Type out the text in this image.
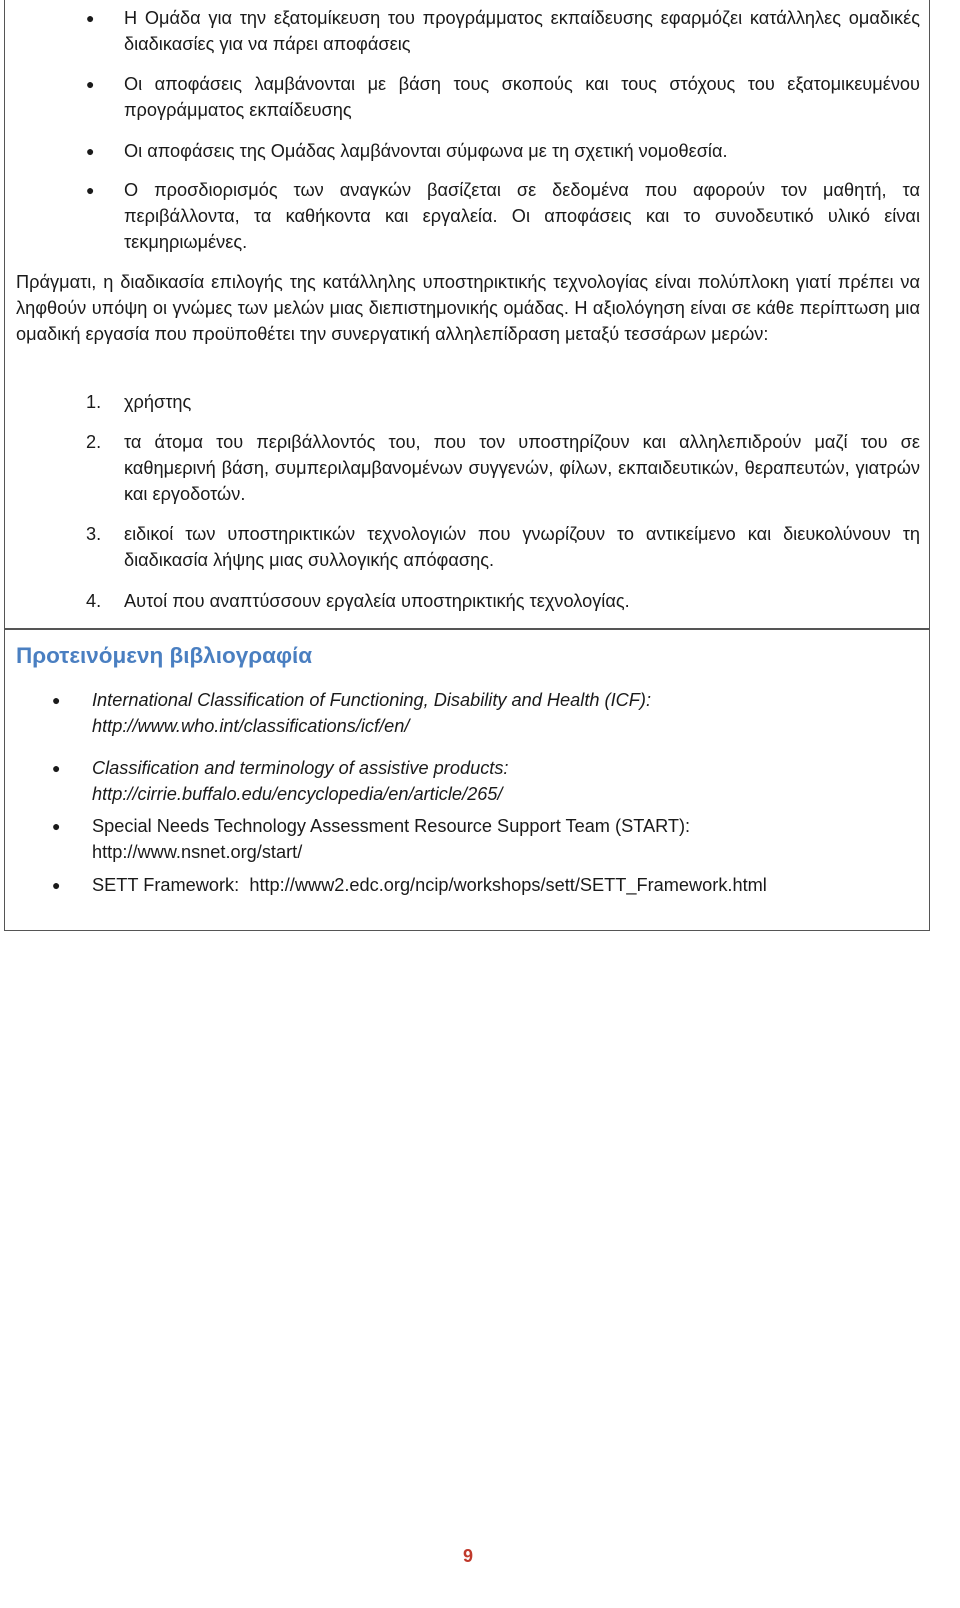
● Η Ομάδα για την εξατομίκευση του προγράμματος εκπαίδευσης εφαρμόζει κατάλληλες ομαδικές διαδικασίες για να πάρει αποφάσεις
● Οι αποφάσεις λαμβάνονται με βάση τους σκοπούς και τους στόχους του εξατομικευμένου προγράμματος εκπαίδευσης
● Οι αποφάσεις της Ομάδας λαμβάνονται σύμφωνα με τη σχετική νομοθεσία.
● Ο προσδιορισμός των αναγκών βασίζεται σε δεδομένα που αφορούν τον μαθητή, τα περιβάλλοντα, τα καθήκοντα και εργαλεία. Οι αποφάσεις και το συνοδευτικό υλικό είναι τεκμηριωμένες.
Πράγματι, η διαδικασία επιλογής της κατάλληλης υποστηρικτικής τεχνολογίας είναι πολύπλοκη γιατί πρέπει να ληφθούν υπόψη οι γνώμες των μελών μιας διεπιστημονικής ομάδας. Η αξιολόγηση είναι σε κάθε περίπτωση μια ομαδική εργασία που προϋποθέτει την συνεργατική αλληλεπίδραση μεταξύ τεσσάρων μερών:
1. χρήστης
2. τα άτομα του περιβάλλοντός του, που τον υποστηρίζουν και αλληλεπιδρούν μαζί του σε καθημερινή βάση, συμπεριλαμβανομένων συγγενών, φίλων, εκπαιδευτικών, θεραπευτών, γιατρών και εργοδοτών.
3. ειδικοί των υποστηρικτικών τεχνολογιών που γνωρίζουν το αντικείμενο και διευκολύνουν τη διαδικασία λήψης μιας συλλογικής απόφασης.
4. Αυτοί που αναπτύσσουν εργαλεία υποστηρικτικής τεχνολογίας.
Προτεινόμενη βιβλιογραφία
● International Classification of Functioning, Disability and Health (ICF):
http://www.who.int/classifications/icf/en/
● Classification and terminology of assistive products:
http://cirrie.buffalo.edu/encyclopedia/en/article/265/
● Special Needs Technology Assessment Resource Support Team (START):
http://www.nsnet.org/start/
● SETT Framework: http://www2.edc.org/ncip/workshops/sett/SETT_Framework.html
9
